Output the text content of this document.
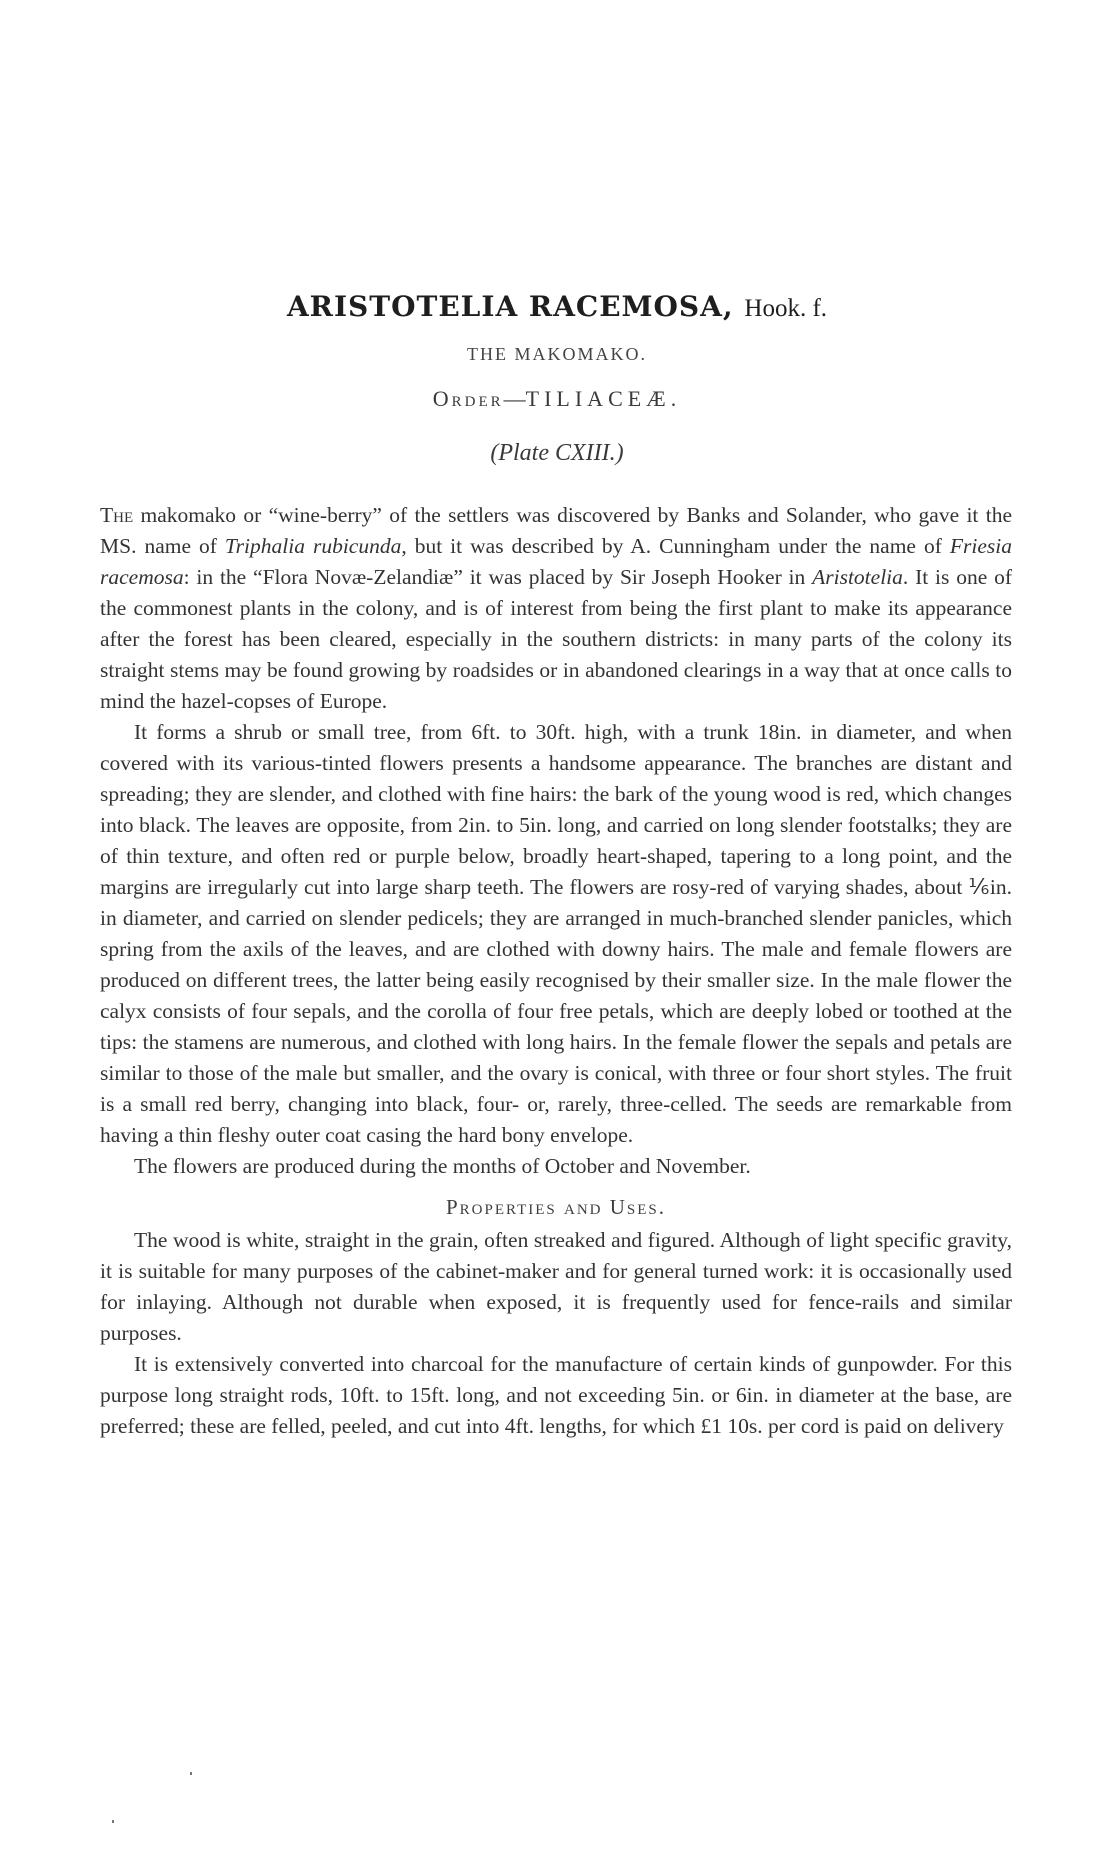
ARISTOTELIA RACEMOSA, Hook. f.
THE MAKOMAKO.
Order—TILIACEÆ.
(Plate CXIII.)

The makomako or “wine-berry” of the settlers was discovered by Banks and Solander, who gave it the MS. name of Triphalia rubicunda, but it was described by A. Cunningham under the name of Friesia racemosa: in the “Flora Novæ-Zelandiæ” it was placed by Sir Joseph Hooker in Aristotelia. It is one of the commonest plants in the colony, and is of interest from being the first plant to make its appearance after the forest has been cleared, especially in the southern districts: in many parts of the colony its straight stems may be found growing by roadsides or in abandoned clearings in a way that at once calls to mind the hazel-copses of Europe.

It forms a shrub or small tree, from 6ft. to 30ft. high, with a trunk 18in. in diameter, and when covered with its various-tinted flowers presents a handsome appearance. The branches are distant and spreading; they are slender, and clothed with fine hairs: the bark of the young wood is red, which changes into black. The leaves are opposite, from 2in. to 5in. long, and carried on long slender footstalks; they are of thin texture, and often red or purple below, broadly heart-shaped, tapering to a long point, and the margins are irregularly cut into large sharp teeth. The flowers are rosy-red of varying shades, about ⅙in. in diameter, and carried on slender pedicels; they are arranged in much-branched slender panicles, which spring from the axils of the leaves, and are clothed with downy hairs. The male and female flowers are produced on different trees, the latter being easily recognised by their smaller size. In the male flower the calyx consists of four sepals, and the corolla of four free petals, which are deeply lobed or toothed at the tips: the stamens are numerous, and clothed with long hairs. In the female flower the sepals and petals are similar to those of the male but smaller, and the ovary is conical, with three or four short styles. The fruit is a small red berry, changing into black, four- or, rarely, three-celled. The seeds are remarkable from having a thin fleshy outer coat casing the hard bony envelope.

The flowers are produced during the months of October and November.

Properties and Uses.

The wood is white, straight in the grain, often streaked and figured. Although of light specific gravity, it is suitable for many purposes of the cabinet-maker and for general turned work: it is occasionally used for inlaying. Although not durable when exposed, it is frequently used for fence-rails and similar purposes.

It is extensively converted into charcoal for the manufacture of certain kinds of gunpowder. For this purpose long straight rods, 10ft. to 15ft. long, and not exceeding 5in. or 6in. in diameter at the base, are preferred; these are felled, peeled, and cut into 4ft. lengths, for which £1 10s. per cord is paid on delivery
